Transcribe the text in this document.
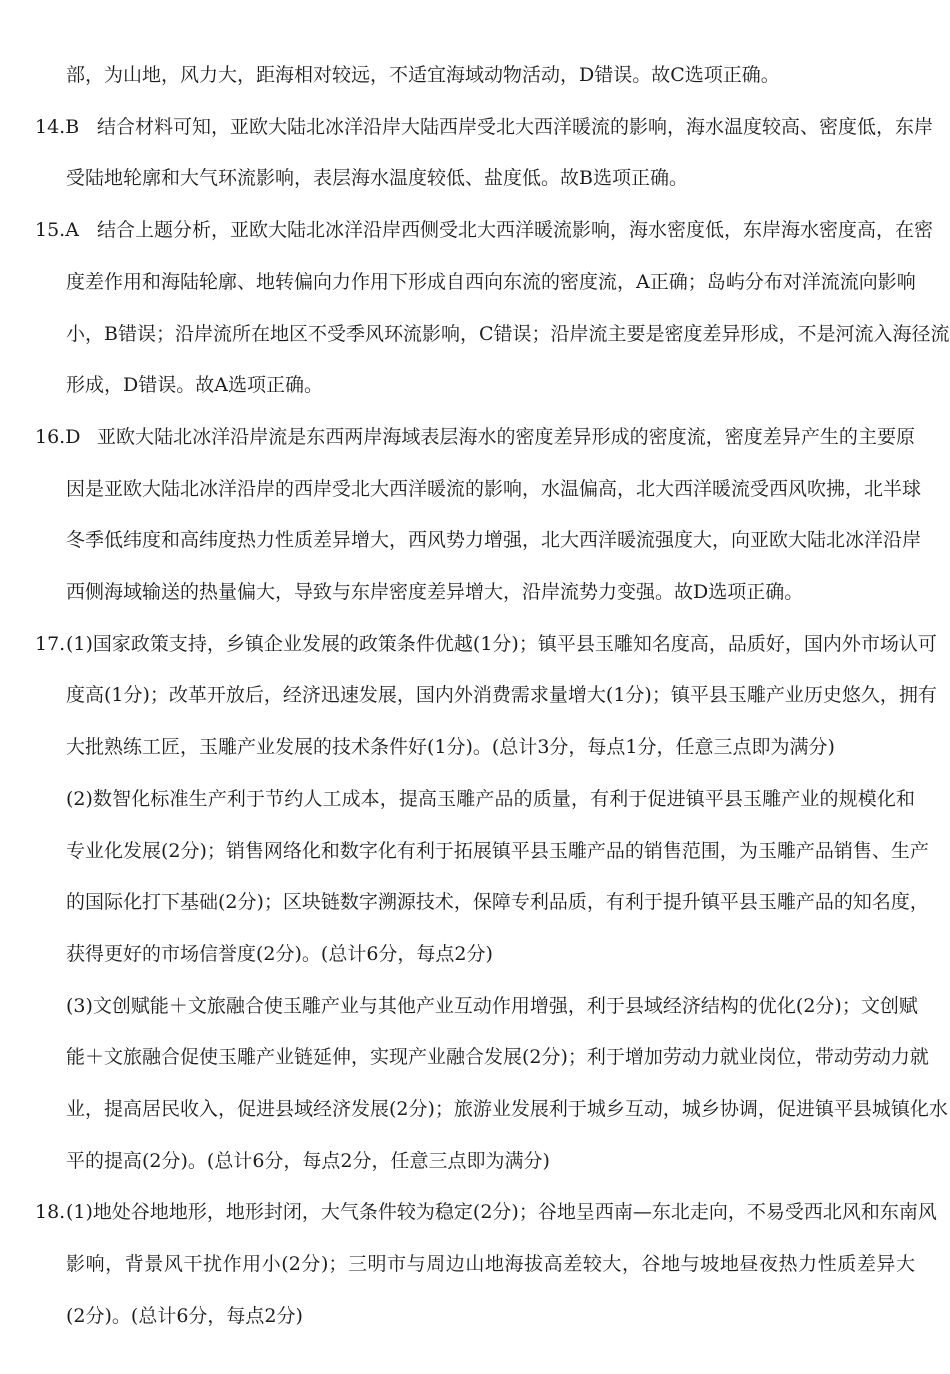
部，为山地，风力大，距海相对较远，不适宜海域动物活动，D错误。故C选项正确。
14.B 结合材料可知，亚欧大陆北冰洋沿岸大陆西岸受北大西洋暖流的影响，海水温度较高、密度低，东岸
受陆地轮廓和大气环流影响，表层海水温度较低、盐度低。故B选项正确。
15.A 结合上题分析，亚欧大陆北冰洋沿岸西侧受北大西洋暖流影响，海水密度低，东岸海水密度高，在密
度差作用和海陆轮廓、地转偏向力作用下形成自西向东流的密度流，A正确；岛屿分布对洋流流向影响
小，B错误；沿岸流所在地区不受季风环流影响，C错误；沿岸流主要是密度差异形成，不是河流入海径流
形成，D错误。故A选项正确。
16.D 亚欧大陆北冰洋沿岸流是东西两岸海域表层海水的密度差异形成的密度流，密度差异产生的主要原
因是亚欧大陆北冰洋沿岸的西岸受北大西洋暖流的影响，水温偏高，北大西洋暖流受西风吹拂，北半球
冬季低纬度和高纬度热力性质差异增大，西风势力增强，北大西洋暖流强度大，向亚欧大陆北冰洋沿岸
西侧海域输送的热量偏大，导致与东岸密度差异增大，沿岸流势力变强。故D选项正确。
17. (1)国家政策支持，乡镇企业发展的政策条件优越(1分)；镇平县玉雕知名度高，品质好，国内外市场认可
度高(1分)；改革开放后，经济迅速发展，国内外消费需求量增大(1分)；镇平县玉雕产业历史悠久，拥有
大批熟练工匠，玉雕产业发展的技术条件好(1分)。(总计3分，每点1分，任意三点即为满分)
(2)数智化标准生产利于节约人工成本，提高玉雕产品的质量，有利于促进镇平县玉雕产业的规模化和
专业化发展(2分)；销售网络化和数字化有利于拓展镇平县玉雕产品的销售范围，为玉雕产品销售、生产
的国际化打下基础(2分)；区块链数字溯源技术，保障专利品质，有利于提升镇平县玉雕产品的知名度，
获得更好的市场信誉度(2分)。(总计6分，每点2分)
(3)文创赋能＋文旅融合使玉雕产业与其他产业互动作用增强，利于县域经济结构的优化(2分)；文创赋
能＋文旅融合促使玉雕产业链延伸，实现产业融合发展(2分)；利于增加劳动力就业岗位，带动劳动力就
业，提高居民收入，促进县域经济发展(2分)；旅游业发展利于城乡互动，城乡协调，促进镇平县城镇化水
平的提高(2分)。(总计6分，每点2分，任意三点即为满分)
18. (1)地处谷地地形，地形封闭，大气条件较为稳定(2分)；谷地呈西南—东北走向，不易受西北风和东南风
影响，背景风干扰作用小(2分)；三明市与周边山地海拔高差较大，谷地与坡地昼夜热力性质差异大
(2分)。(总计6分，每点2分)
